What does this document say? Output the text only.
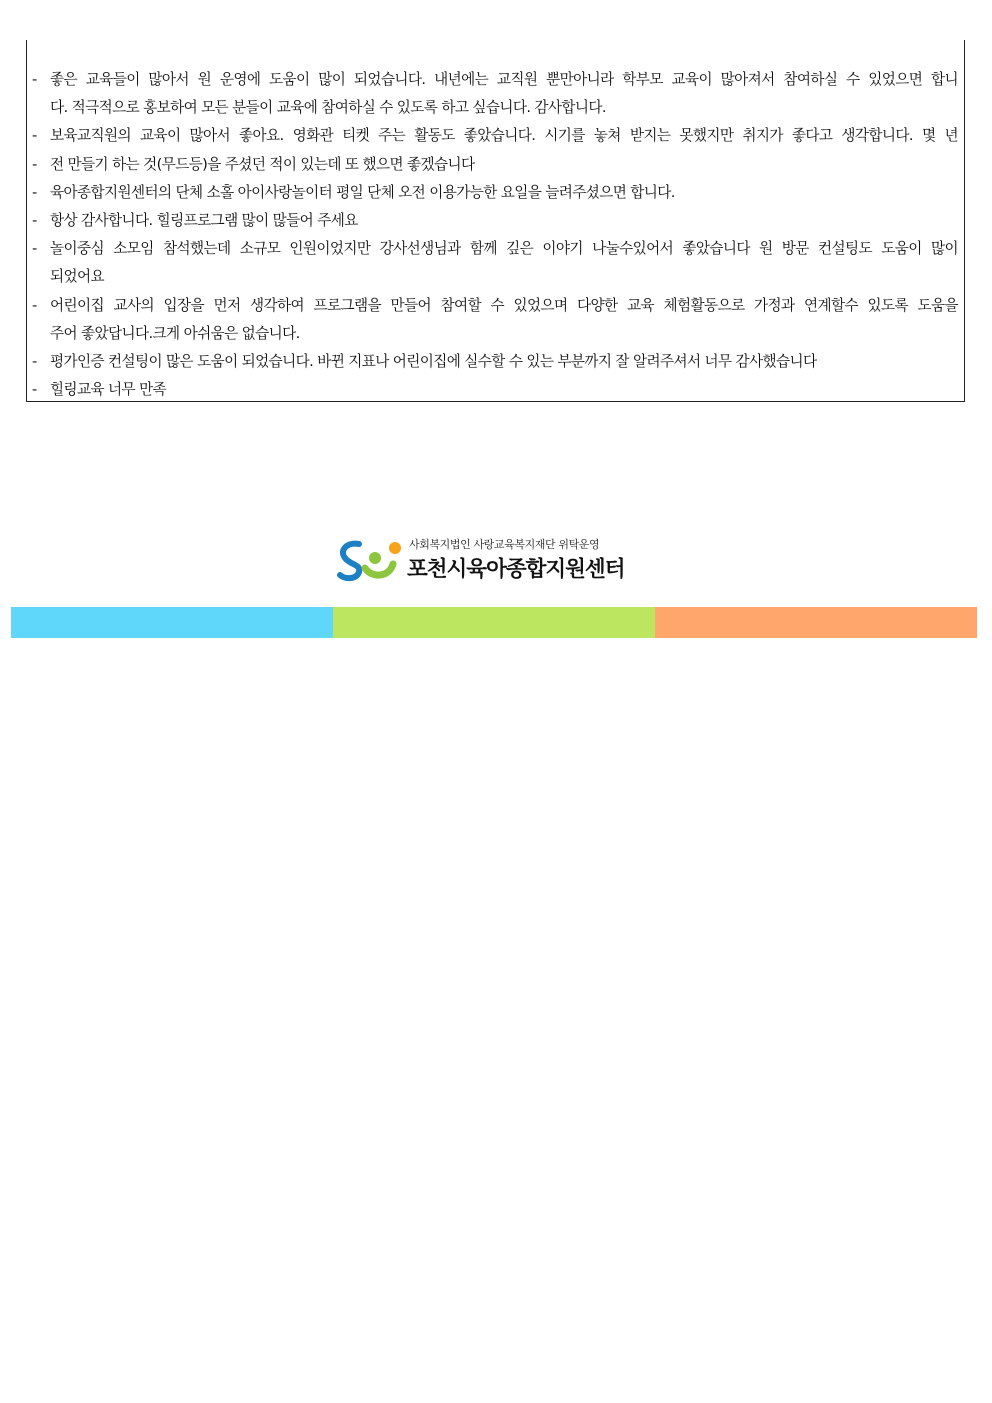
- 좋은 교육들이 많아서 원 운영에 도움이 많이 되었습니다. 내년에는 교직원 뿐만아니라 학부모 교육이 많아져서 참여하실 수 있었으면 합니
다. 적극적으로 홍보하여 모든 분들이 교육에 참여하실 수 있도록 하고 싶습니다. 감사합니다.
- 보육교직원의 교육이 많아서 좋아요. 영화관 티켓 주는 활동도 좋았습니다. 시기를 놓쳐 받지는 못했지만 취지가 좋다고 생각합니다. 몇 년
- 전 만들기 하는 것(무드등)을 주셨던 적이 있는데 또 했으면 좋겠습니다
- 육아종합지원센터의 단체 소홀 아이사랑놀이터 평일 단체 오전 이용가능한 요일을 늘려주셨으면 합니다.
- 항상 감사합니다. 힐링프로그램 많이 많들어 주세요
- 놀이중심 소모임 참석했는데 소규모 인원이었지만 강사선생님과 함께 깊은 이야기 나눌수있어서 좋았습니다 원 방문 컨설팅도 도움이 많이
되었어요
- 어린이집 교사의 입장을 먼저 생각하여 프로그램을 만들어 참여할 수 있었으며 다양한 교육 체험활동으로 가정과 연계할수 있도록 도움을
주어 좋았답니다.크게 아쉬움은 없습니다.
- 평가인증 컨설팅이 많은 도움이 되었습니다. 바뀐 지표나 어린이집에 실수할 수 있는 부분까지 잘 알려주셔서 너무 감사했습니다
- 힐링교육 너무 만족
사회복지법인 사랑교육복지재단 위탁운영
포천시육아종합지원센터
